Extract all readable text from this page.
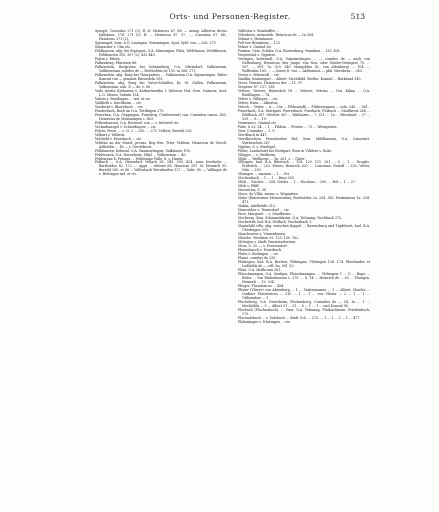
Orts- und Personen-Register.	513

Spiegel, Conradus 271 (2); ff. el. Heinricus 67. 68. — armig. Albertus dictus Kalbynen. 176. 271 (2). ff. ... Heinricus 47. 37. ..., Conradus 67. 68.; Heinricus 271 (2).

Spitznagel, burr. A.Ö. Lauingen. Venemingen. Spul, Sybl. von — 256. 275.

Sulmacker v. Ulm etc.

Feldhausen, abg. bei Espingen, O.A. Münsingen, Pfalz, Veldthusen, Weldthusen, Feldhausen 305. 307 (2). 432-440.

Falrin s. Falein.

Falkenberg, Pfarreien 86.

Falkenstein, Burgruine bei Schramberg, O.A. Oberndorf, Valkenstain, Valkhenstain, nobiles de — Bertholdus de 155. in 166. 272.

Falkenstein, abg. Burg bei Thierparten, ... Valkenstein O.A. Sigmaringen. Ritter Konrad von — genannt Einsiedeln 355.

Falkenstein, abg. Burg bei Unter-Schaffen, Kt. St. Gallen, Falkenstain, Valkenstain, nob. D — de. v. 80.

Vaile merita Katharina v. Katharinentha l. Valcerar Hof, Gem. Naturns, tirol. L.G. Meran, Valrain 134.

Valron s. Reutlingen ... ind. et civ.

Valdhelb s. Kirchheim ... civ.

Vastlacht v. Rhorebach ... civ.

Fenderbach, Bach im O.A. Tuttlingen 279.

Feuerbau, O.A. Göppingen, Furnberg, (Vurberwart) can. Conradus canon. 405. Heinricus de Memmingen c. 403.

Felbenhausen, O.A. Rottweil, von — s. Rottweil civ.

Veckarhausgel v. Schierdingen ... civ.

Feleta, Feste, ... c. II. 2 ... 250. ... 272. Velheit, Bertold 202.

Velhart v. Velbeck.

Velcheld v. Feuerbach ... civ.

Veldens an der Mosel, preuss. Reg.-Bez. Trier, Veldenz. Heinricus de Gerolt. Aelheidis ... 1b — s. Geroldseck.

Felbhausen, behnsal. O.A. Gammertingen, Valkhusen 190.

Feldernach, O.A. Neresheim, Sibyl ... Valkenstain ... 40.

Feldeirane b. Prinnes ... Feldeirane Falle, 8. s. Haren.

Falbach ... O.A. Oberndorf, Vellach 63. 149. 200. 424. nunc lesefache ... Bertholdus 82. 172. ... Apps ... editone 66. Henricus 397. St. Heinrich 93. Bertold 280. et 88 ... Vallenbach Wernhardus 127. ... Valie. 85. — Vallinger de s. Bettingen ind. et civ.

Vallestar s. Bondorffer ...

Velenbern, memorieb. Heinricus de — 1a 304.

Velmar s. Heimbauer.

Felt ber Bremberg ... 123.

Velner s. Gmünd civ.

Fenken, Gem. Schiler, O.A. Ravensburg, Venniken ... 133. 401.

Vergeristal s. Oppriter.

Veringen, hohenzoll. O.A. Gammertingen ... — comites de — auch von Nellenburg; Heinricus (der Junge, von Neu. oder Nieder-Veringen) 75. ... 107. ... 303. 7a. 329. 340. Mangoldus (II., von Altenburg) ... 104. ... Wolfradus 183. ... — heuer E. von — Abtheimen — phil. Wernhera ... 280.

Vester s. Siberwolf ... civ.

Vandlin, brannegart ... Albert, Mechthild, Berthe, Konrad ... Burkhard 345.

Veser, Venetus, Heinricus der ... 11. 57.

Vesperer 87. 137. 138.

Vetters, Veterre, Büiersbch Ot ... Veterre, Vetrino ... 1eü. Kilian ... O.A. Riedlingen ... 74.

Vetter s. Villingen ... civ.

Vetter. Hans ... Albertus.

Vetsch ... Veiter ... A ... 25a ... Fildwarsdh ... Fildwarsgasse ... solu. 245. ... 561.

Feuerbach, O.A. Stuttgart. Fuererbach, Fuerbach, Fürbach ... Stadtkreis 264 ... Feldbach 267. Velcheit 367 ... Waltharus ... 7. 251. ... 1a ... Wernhard ... 37 ... 129. ... 8 ... 19.

Veuxenes s. Gmünd civ.

Fabe, 8 23. 54. ... 1 ... Fildrin ... Pütreis ... 73 ... Weingarten.

Veer, Conradus ... 1. 9.

Vierdbuch in 447.

Vierdbruchen, Feuerbacher Hof, Gem. Mühlhausen, O.A. Cannstatt. Vierbruchen 267.

Vigilius, S. s. Fendtgel.

Filder, Landschaft bei Stuttgart. Born in Villdere s. Rohr.

Viliages ... s. Weilheim.

Vilsk. ... Weilhurus ... 1n. 261. s ... Gärts.

Villingen, bad. B.A. Biberach ... 128. 129. 121. 261 ... 5 ... 1 ... Drugbo, Friderich ... 252. Fetzer, Heinrich 200. ... Coutanae, Rudolf ... 259. Vetter, Otto ... 259.

Vilzingen ... mansen ... 1 ... Ott.

Vischenbach ... 1 ... 1 ... Brun 305.

Vilsk ... Vischer ... 204. Gobler ... 1 ... Nicolaus ... 200. ... Hel ... 1 ... 27.

Vilsh s. Pfäff.

Vincentius, S. 38.

Vinca, de Villis, minus. s. Wingarten.

Viehe (Ennetumer Messerinlan), Bertholdus 2a. 204. 382. Hermannus 1a. 204. 471.

Vinkin, Adelheidis 312.

Vinnenthor s. Tennisdorf ... civ.

First, Margaret ... s. Maulbronn ...

Vischerzy, Gem. Schmandsheim, O.A. Tettnang, Vischbach 272.

Vischertrd, buf. B.A. Wolfach, Vischerbach 1.

Vineinhild villa, abg. zwischen Koppel ... Ravensburg und Tüpfelsert, bad. B.A. Überlingen 330.

Vinachwiese s. Vinnenbusen.

Viberbe, Viterbien 29. 123. 130. 162.

Vittenjen s. Stadt Vinsweindorsten.

Vitus, S. 30. — s. Fressendorf.

Fleneubarch s. Feuerbach.

Flaitz s. Esslingen ... civ.

Flaine, comitys de 250.

Flehingen, bad. B.A. Bretten, Vlehingen, Vlehingen 138. 174. Eberhardus et Ludhildis de — cell. ba. 361 (2).

Flein, O.A. Heilbronn 261.

Fleischmangen, O.A. Saulgau, Fleischmangen, ... Vlehingen 1 ... O ... Hugo ... Ritter ... von Rüdenhausen s. 279. ... S. 14 ... Heinrich de ... 63 ... Flaingen. Heinrich ... 1e. 204.

Flieger, Theodoricus ... 454.

Flister (Vlister) von Ahrenberg ... 1 ... Vaistenaumer ... 1 ... Albert, Charles ... Ourkurt Theodoricus ... 310 ... 1 ... 1 ... von Vlister ... 2 ... 1 ... 1 ... Ottheimber ... 1

Flocheberg, O.A. Neresheim, Flockenberg, Cunradus de — 54. 1a ... 1 ... Mechtildis ... 5 ... Albert 51 ... 51 ... 8 ... 1 ... 1 ... und Konrad 56.

Florbach (Flachenbach), ... Gem. O.A. Tettnang, Flurbachheim, Friedenbach, 273.

Florinalebach ... s. Sulzbach ... Stadt O.A. ... 273. ... 1 ... 1 ... 2 ... 1 ... 477.

Flohmänger s. Nürtingen ... civ.
